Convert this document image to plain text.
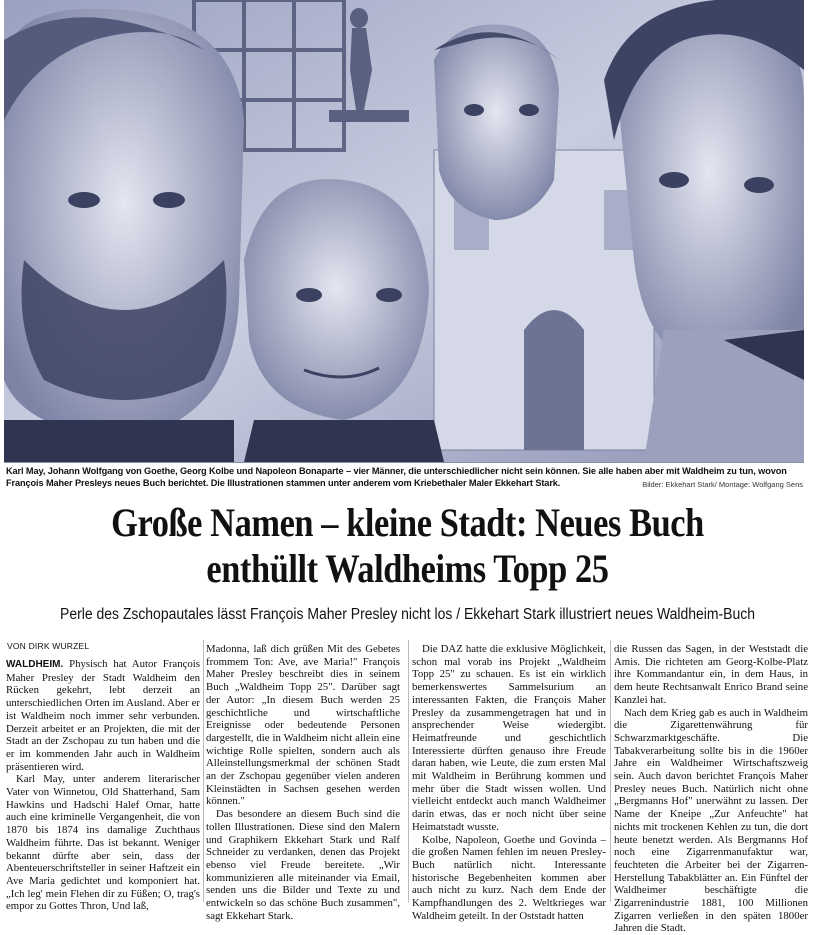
Karl May, Johann Wolfgang von Goethe, Georg Kolbe und Napoleon Bonaparte – vier Männer, die unterschiedlicher nicht sein können. Sie alle haben aber mit Waldheim zu tun, wovon François Maher Presleys neues Buch berichtet. Die Illustrationen stammen unter anderem vom Kriebethaler Maler Ekkehart Stark.	Bilder: Ekkehart Stark/ Montage: Wolfgang Sens
Große Namen – kleine Stadt: Neues Buch
enthüllt Waldheims Topp 25
Perle des Zschopautales lässt François Maher Presley nicht los / Ekkehart Stark illustriert neues Waldheim-Buch
VON DIRK WURZEL

WALDHEIM. Physisch hat Autor François Maher Presley der Stadt Waldheim den Rücken gekehrt, lebt derzeit an unterschiedlichen Orten im Ausland. Aber er ist Waldheim noch immer sehr verbunden. Derzeit arbeitet er an Projekten, die mit der Stadt an der Zschopau zu tun haben und die er im kommenden Jahr auch in Waldheim präsentieren wird.

Karl May, unter anderem literarischer Vater von Winnetou, Old Shatterhand, Sam Hawkins und Hadschi Halef Omar, hatte auch eine kriminelle Vergangenheit, die von 1870 bis 1874 ins damalige Zuchthaus Waldheim führte. Das ist bekannt. Weniger bekannt dürfte aber sein, dass der Abenteuerschriftsteller in seiner Haftzeit ein Ave Maria gedichtet und komponiert hat. „Ich leg' mein Flehen dir zu Füßen; O, trag's empor zu Gottes Thron, Und laß,

Madonna, laß dich grüßen Mit des Gebetes frommem Ton: Ave, ave Maria!" François Maher Presley beschreibt dies in seinem Buch „Waldheim Topp 25". Darüber sagt der Autor: „In diesem Buch werden 25 geschichtliche und wirtschaftliche Ereignisse oder bedeutende Personen dargestellt, die in Waldheim nicht allein eine wichtige Rolle spielten, sondern auch als Alleinstellungsmerkmal der schönen Stadt an der Zschopau gegenüber vielen anderen Kleinstädten in Sachsen gesehen werden können."

Das besondere an diesem Buch sind die tollen Illustrationen. Diese sind den Malern und Graphikern Ekkehart Stark und Ralf Schneider zu verdanken, denen das Projekt ebenso viel Freude bereitete. „Wir kommunizieren alle miteinander via Email, senden uns die Bilder und Texte zu und entwickeln so das schöne Buch zusammen", sagt Ekkehart Stark.

Die DAZ hatte die exklusive Möglichkeit, schon mal vorab ins Projekt „Waldheim Topp 25" zu schauen. Es ist ein wirklich bemerkenswertes Sammelsurium an interessanten Fakten, die François Maher Presley da zusammengetragen hat und in ansprechender Weise wiedergibt. Heimatfreunde und geschichtlich Interessierte dürften genauso ihre Freude daran haben, wie Leute, die zum ersten Mal mit Waldheim in Berührung kommen und mehr über die Stadt wissen wollen. Und vielleicht entdeckt auch manch Waldheimer darin etwas, das er noch nicht über seine Heimatstadt wusste.

Kolbe, Napoleon, Goethe und Govinda – die großen Namen fehlen im neuen Presley-Buch natürlich nicht. Interessante historische Begebenheiten kommen aber auch nicht zu kurz. Nach dem Ende der Kampfhandlungen des 2. Weltkrieges war Waldheim geteilt. In der Oststadt hatten

die Russen das Sagen, in der Weststadt die Amis. Die richteten am Georg-Kolbe-Platz ihre Kommandantur ein, in dem Haus, in dem heute Rechtsanwalt Enrico Brand seine Kanzlei hat.

Nach dem Krieg gab es auch in Waldheim die Zigarettenwährung für Schwarzmarktgeschäfte. Die Tabakverarbeitung sollte bis in die 1960er Jahre ein Waldheimer Wirtschaftszweig sein. Auch davon berichtet François Maher Presley neues Buch. Natürlich nicht ohne „Bergmanns Hof" unerwähnt zu lassen. Der Name der Kneipe „Zur Anfeuchte" hat nichts mit trockenen Kehlen zu tun, die dort heute benetzt werden. Als Bergmanns Hof noch eine Zigarrenmanufaktur war, feuchteten die Arbeiter bei der Zigarren-Herstellung Tabakblätter an. Ein Fünftel der Waldheimer beschäftigte die Zigarrenindustrie 1881, 100 Millionen Zigarren verließen in den späten 1800er Jahren die Stadt.
